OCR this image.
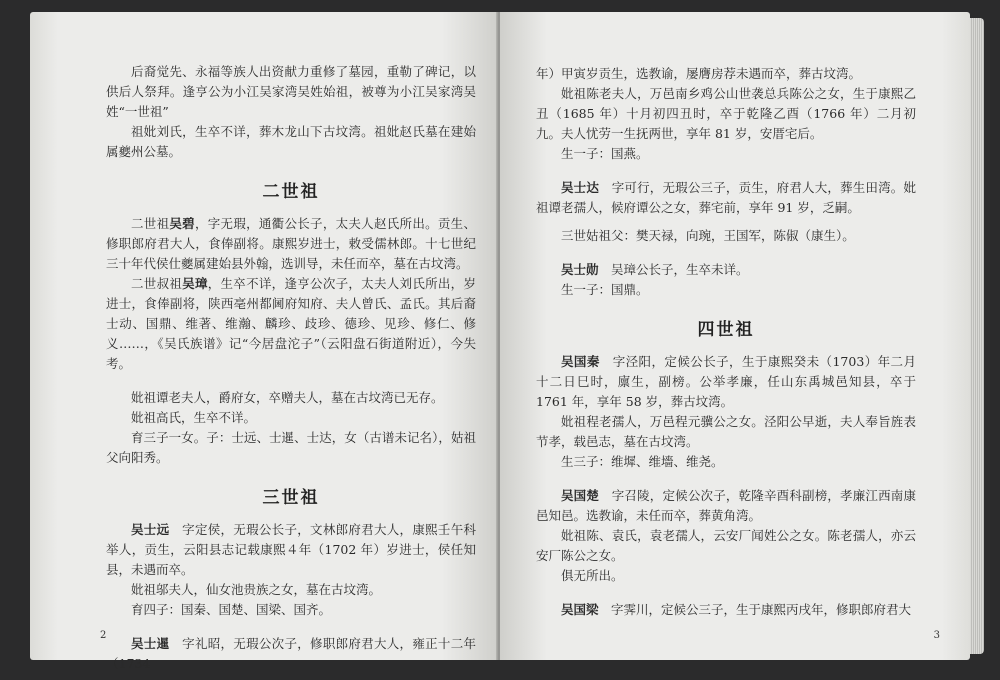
后裔觉先、永福等族人出资献力重修了墓园，重勒了碑记，以供后人祭拜。逢亨公为小江吴家湾吴姓始祖，被尊为小江吴家湾吴姓“一世祖”

祖妣刘氏，生卒不详，葬木龙山下古坟湾。祖妣赵氏墓在建始属夔州公墓。

二世祖

二世祖吴碧，字无瑕，通衢公长子，太夫人赵氏所出。贡生、修职郎府君大人，食俸副将。康熙岁进士，敕受儒林郎。十七世纪三十年代侯仕夔属建始县外翰，选训导，未任而卒，墓在古坟湾。

二世叔祖吴璋，生卒不详，逢亨公次子，太夫人刘氏所出，岁进士，食俸副将，陕西亳州都阃府知府、夫人曾氏、孟氏。其后裔士动、国鼎、维著、维瀚、麟珍、歧珍、德珍、见珍、修仁、修义……，《吴氏族谱》记“今居盘沱子”（云阳盘石街道附近），今失考。

妣祖谭老夫人，爵府女，卒赠夫人，墓在古坟湾已无存。

妣祖高氏，生卒不详。

育三子一女。子：士远、士暹、士达，女（古谱未记名），姑祖父向阳秀。

三世祖

吴士远　字定侯，无瑕公长子，文林郎府君大人，康熙壬午科举人，贡生，云阳县志记载康熙４年（1702 年）岁进士，侯任知县，未遇而卒。

妣祖邬夫人，仙女池贵族之女，墓在古坟湾。

育四子：国秦、国楚、国梁、国齐。

吴士暹　字礼昭，无瑕公次子，修职郎府君大人，雍正十二年（1734

2

年）甲寅岁贡生，选教谕，屡膺房荐未遇而卒，葬古坟湾。

妣祖陈老夫人，万邑南乡鸡公山世袭总兵陈公之女，生于康熙乙丑（1685 年）十月初四丑时，卒于乾隆乙酉（1766 年）二月初九。夫人忧劳一生抚两世，享年 81 岁，安厝宅后。

生一子：国燕。

吴士达　字可行，无瑕公三子，贡生，府君人大，葬生田湾。妣祖谭老孺人，候府谭公之女，葬宅前，享年 91 岁，乏嗣。

三世姑祖父：樊天禄，向琬，王国军，陈俶（康生）。

吴士勋　吴璋公长子，生卒未详。

生一子：国鼎。

四世祖

吴国秦　字泾阳，定候公长子，生于康熙癸未（1703）年二月十二日巳时，廪生，副榜。公举孝廉，任山东禹城邑知县，卒于 1761 年，享年 58 岁，葬古坟湾。

妣祖程老孺人，万邑程元骥公之女。泾阳公早逝，夫人奉旨旌表节孝，载邑志，墓在古坟湾。

生三子：维墀、维墻、维尧。

吴国楚　字召陵，定候公次子，乾隆辛酉科副榜，孝廉江西南康邑知邑。选教谕，未任而卒，葬黄角湾。

妣祖陈、袁氏，袁老孺人，云安厂闻姓公之女。陈老孺人，亦云安厂陈公之女。

俱无所出。

吴国梁　字霁川，定候公三子，生于康熙丙戌年，修职郎府君大

3
